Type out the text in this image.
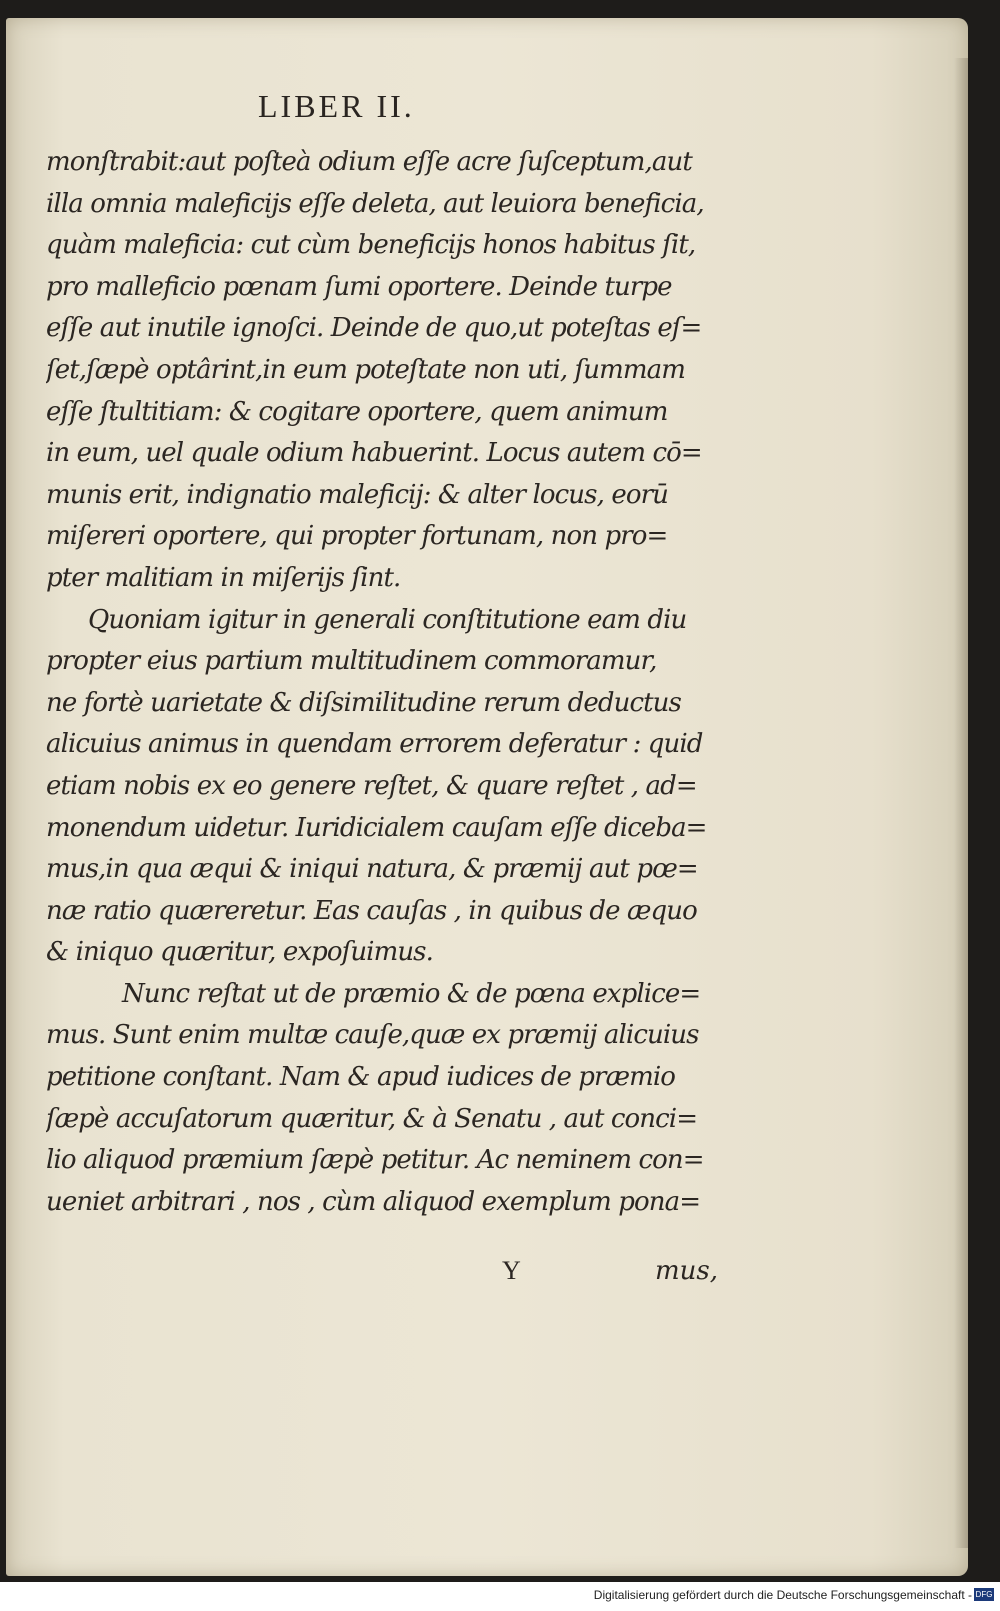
LIBER II.
monſtrabit:aut poſteà odium eſſe acre ſuſceptum,aut
illa omnia maleficijs eſſe deleta, aut leuiora beneficia,
quàm maleficia: cut cùm beneficijs honos habitus ſit,
pro malleficio pœnam ſumi oportere. Deinde turpe
eſſe aut inutile ignoſci. Deinde de quo,ut poteſtas eſ=
ſet,ſæpè optârint,in eum poteſtate non uti, ſummam
eſſe ſtultitiam: & cogitare oportere, quem animum
in eum, uel quale odium habuerint. Locus autem cō=
munis erit, indignatio maleficij: & alter locus, eorū
miſereri oportere, qui propter fortunam, non pro=
pter malitiam in miſerijs ſint.
Quoniam igitur in generali conſtitutione eam diu
propter eius partium multitudinem commoramur,
ne fortè uarietate & diſsimilitudine rerum deductus
alicuius animus in quendam errorem deferatur : quid
etiam nobis ex eo genere reſtet, & quare reſtet , ad=
monendum uidetur. Iuridicialem cauſam eſſe diceba=
mus,in qua æqui & iniqui natura, & præmij aut pœ=
næ ratio quæreretur. Eas cauſas , in quibus de æquo
& iniquo quæritur, expoſuimus.
Nunc reſtat ut de præmio & de pœna explice=
mus. Sunt enim multæ cauſe,quæ ex præmij alicuius
petitione conſtant. Nam & apud iudices de præmio
ſæpè accuſatorum quæritur, & à Senatu , aut conci=
lio aliquod præmium ſæpè petitur. Ac neminem con=
ueniet arbitrari , nos , cùm aliquod exemplum pona=
Y	mus,
Digitalisierung gefördert durch die Deutsche Forschungsgemeinschaft - DFG
